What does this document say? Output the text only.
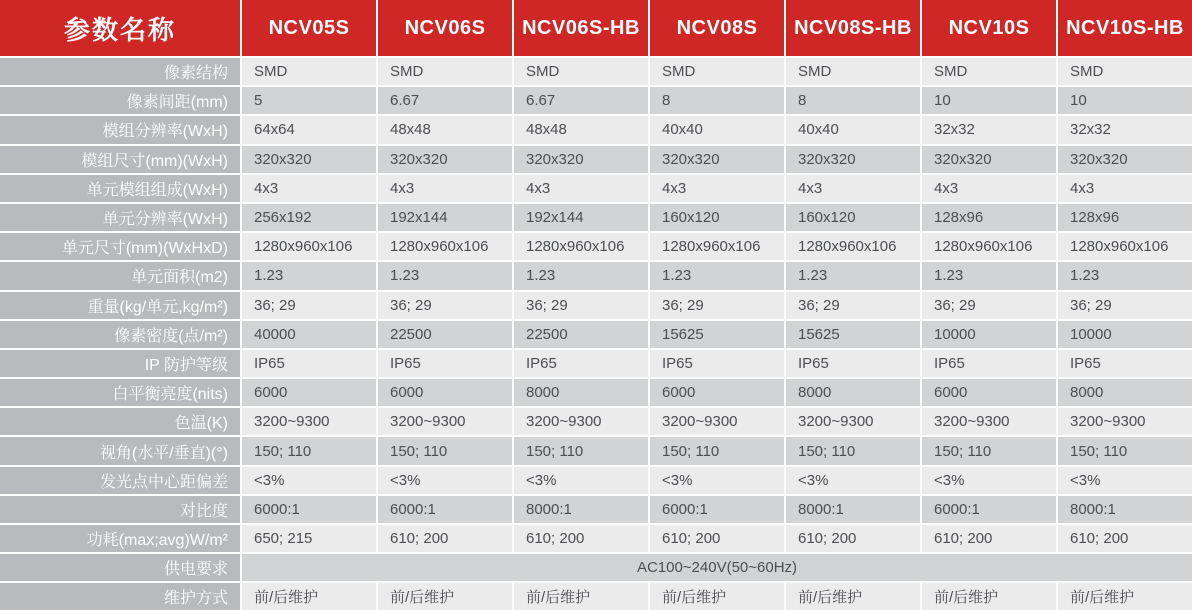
参数名称	NCV05S	NCV06S	NCV06S-HB	NCV08S	NCV08S-HB	NCV10S	NCV10S-HB
像素结构	SMD	SMD	SMD	SMD	SMD	SMD	SMD
像素间距(mm)	5	6.67	6.67	8	8	10	10
模组分辨率(WxH)	64x64	48x48	48x48	40x40	40x40	32x32	32x32
模组尺寸(mm)(WxH)	320x320	320x320	320x320	320x320	320x320	320x320	320x320
单元模组组成(WxH)	4x3	4x3	4x3	4x3	4x3	4x3	4x3
单元分辨率(WxH)	256x192	192x144	192x144	160x120	160x120	128x96	128x96
单元尺寸(mm)(WxHxD)	1280x960x106	1280x960x106	1280x960x106	1280x960x106	1280x960x106	1280x960x106	1280x960x106
单元面积(m2)	1.23	1.23	1.23	1.23	1.23	1.23	1.23
重量(kg/单元,kg/m²)	36; 29	36; 29	36; 29	36; 29	36; 29	36; 29	36; 29
像素密度(点/m²)	40000	22500	22500	15625	15625	10000	10000
IP 防护等级	IP65	IP65	IP65	IP65	IP65	IP65	IP65
白平衡亮度(nits)	6000	6000	8000	6000	8000	6000	8000
色温(K)	3200~9300	3200~9300	3200~9300	3200~9300	3200~9300	3200~9300	3200~9300
视角(水平/垂直)(°)	150; 110	150; 110	150; 110	150; 110	150; 110	150; 110	150; 110
发光点中心距偏差	<3%	<3%	<3%	<3%	<3%	<3%	<3%
对比度	6000:1	6000:1	8000:1	6000:1	8000:1	6000:1	8000:1
功耗(max;avg)W/m²	650; 215	610; 200	610; 200	610; 200	610; 200	610; 200	610; 200
供电要求	AC100~240V(50~60Hz)
维护方式	前/后维护	前/后维护	前/后维护	前/后维护	前/后维护	前/后维护	前/后维护
